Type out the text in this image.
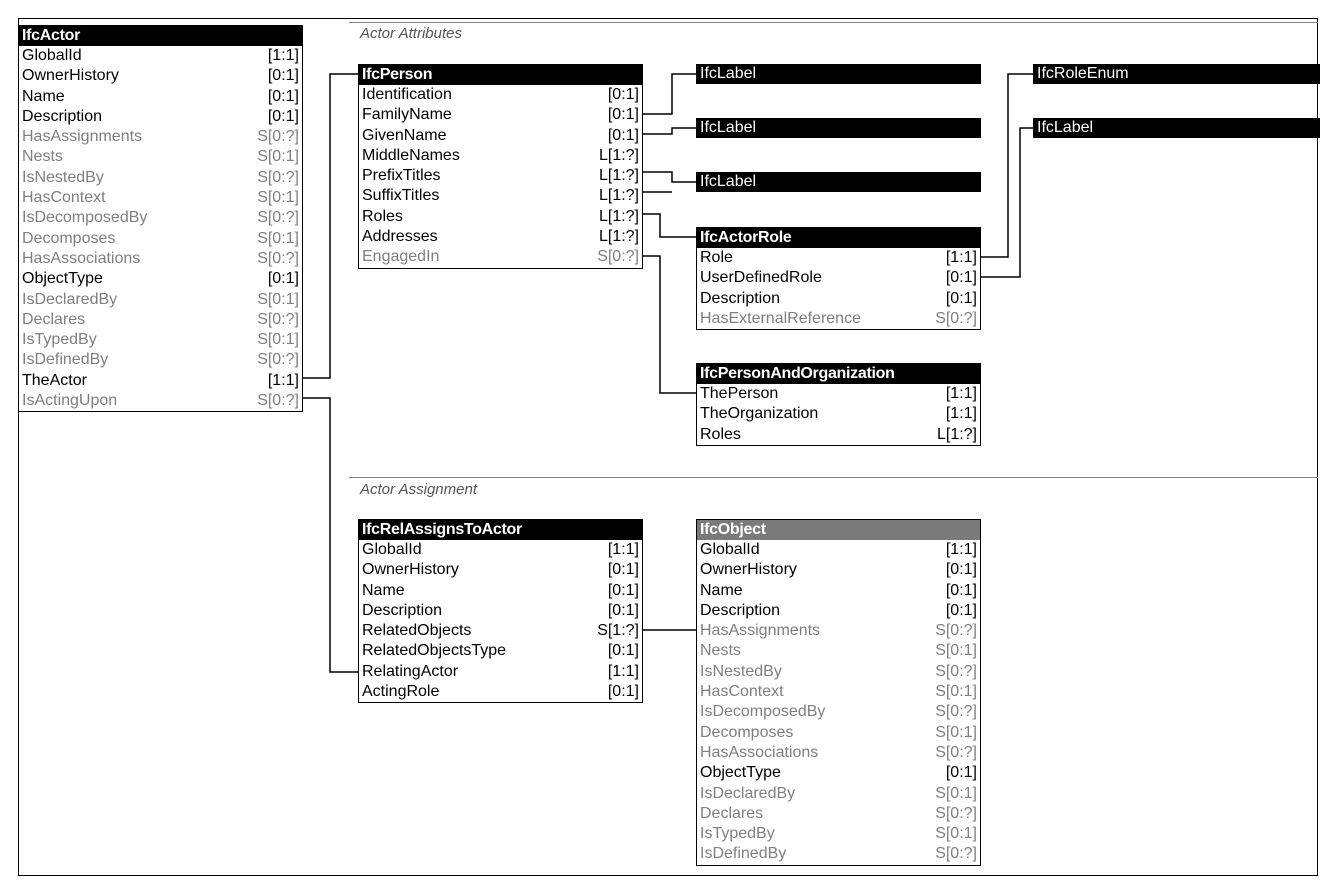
Actor Attributes
Actor Assignment
IfcActor
GlobalId	[1:1]
OwnerHistory	[0:1]
Name	[0:1]
Description	[0:1]
HasAssignments	S[0:?]
Nests	S[0:1]
IsNestedBy	S[0:?]
HasContext	S[0:1]
IsDecomposedBy	S[0:?]
Decomposes	S[0:1]
HasAssociations	S[0:?]
ObjectType	[0:1]
IsDeclaredBy	S[0:1]
Declares	S[0:?]
IsTypedBy	S[0:1]
IsDefinedBy	S[0:?]
TheActor	[1:1]
IsActingUpon	S[0:?]
IfcPerson
Identification	[0:1]
FamilyName	[0:1]
GivenName	[0:1]
MiddleNames	L[1:?]
PrefixTitles	L[1:?]
SuffixTitles	L[1:?]
Roles	L[1:?]
Addresses	L[1:?]
EngagedIn	S[0:?]
IfcActorRole
Role	[1:1]
UserDefinedRole	[0:1]
Description	[0:1]
HasExternalReference	S[0:?]
IfcPersonAndOrganization
ThePerson	[1:1]
TheOrganization	[1:1]
Roles	L[1:?]
IfcRelAssignsToActor
GlobalId	[1:1]
OwnerHistory	[0:1]
Name	[0:1]
Description	[0:1]
RelatedObjects	S[1:?]
RelatedObjectsType	[0:1]
RelatingActor	[1:1]
ActingRole	[0:1]
IfcObject
GlobalId	[1:1]
OwnerHistory	[0:1]
Name	[0:1]
Description	[0:1]
HasAssignments	S[0:?]
Nests	S[0:1]
IsNestedBy	S[0:?]
HasContext	S[0:1]
IsDecomposedBy	S[0:?]
Decomposes	S[0:1]
HasAssociations	S[0:?]
ObjectType	[0:1]
IsDeclaredBy	S[0:1]
Declares	S[0:?]
IsTypedBy	S[0:1]
IsDefinedBy	S[0:?]
IfcLabel
IfcLabel
IfcLabel
IfcRoleEnum
IfcLabel
